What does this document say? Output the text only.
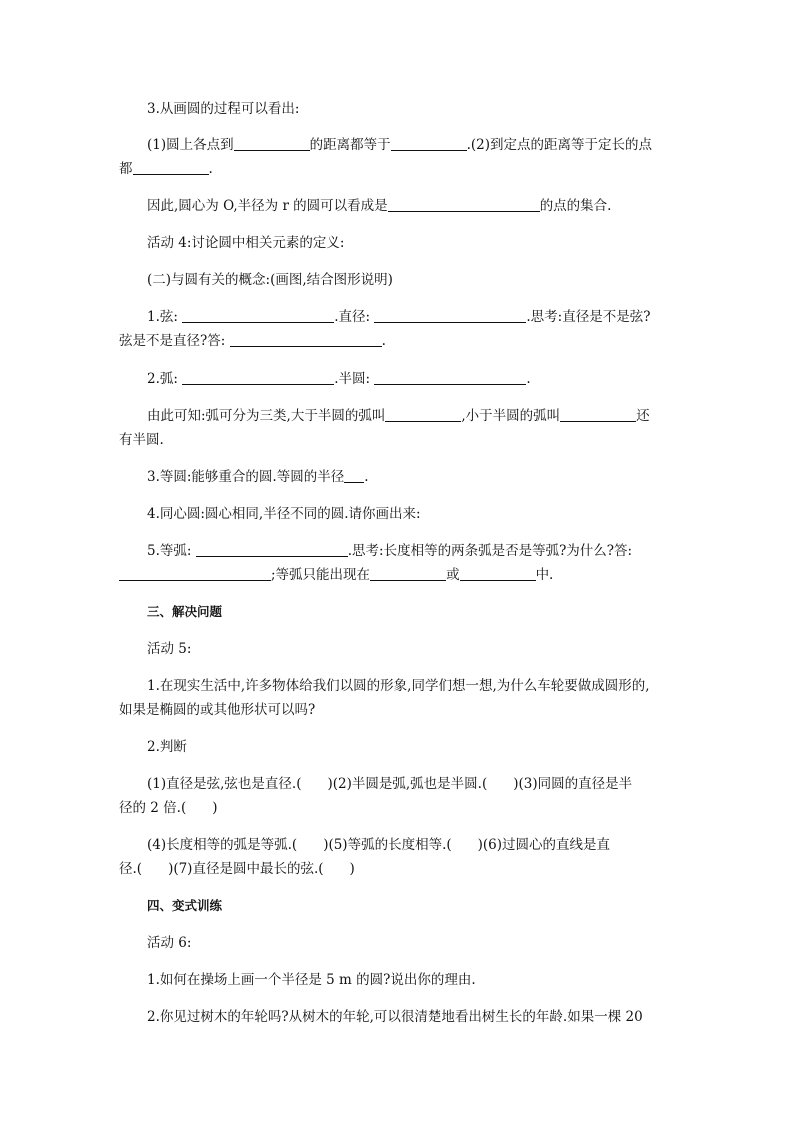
3.从画圆的过程可以看出:
(1)圆上各点到	的距离都等于	.(2)到定点的距离等于定长的点
都	.
因此,圆心为 O,半径为 r 的圆可以看成是	的点的集合.
活动 4:讨论圆中相关元素的定义:
(二)与圆有关的概念:(画图,结合图形说明)
1.弦:	.直径:	.思考:直径是不是弦?
弦是不是直径?答:	.
2.弧:	.半圆:	.
由此可知:弧可分为三类,大于半圆的弧叫	,小于半圆的弧叫	还
有半圆.
3.等圆:能够重合的圆.等圆的半径 .
4.同心圆:圆心相同,半径不同的圆.请你画出来:
5.等弧:	.思考:长度相等的两条弧是否是等弧?为什么?答:
;等弧只能出现在	或	中.
三、解决问题
活动 5:
1.在现实生活中,许多物体给我们以圆的形象,同学们想一想,为什么车轮要做成圆形的,
如果是椭圆的或其他形状可以吗?
2.判断
(1)直径是弦,弦也是直径.( )(2)半圆是弧,弧也是半圆.( )(3)同圆的直径是半
径的 2 倍.( )
(4)长度相等的弧是等弧.( )(5)等弧的长度相等.( )(6)过圆心的直线是直
径.( )(7)直径是圆中最长的弦.( )
四、变式训练
活动 6:
1.如何在操场上画一个半径是 5 m 的圆?说出你的理由.
2.你见过树木的年轮吗?从树木的年轮,可以很清楚地看出树生长的年龄.如果一棵 20
